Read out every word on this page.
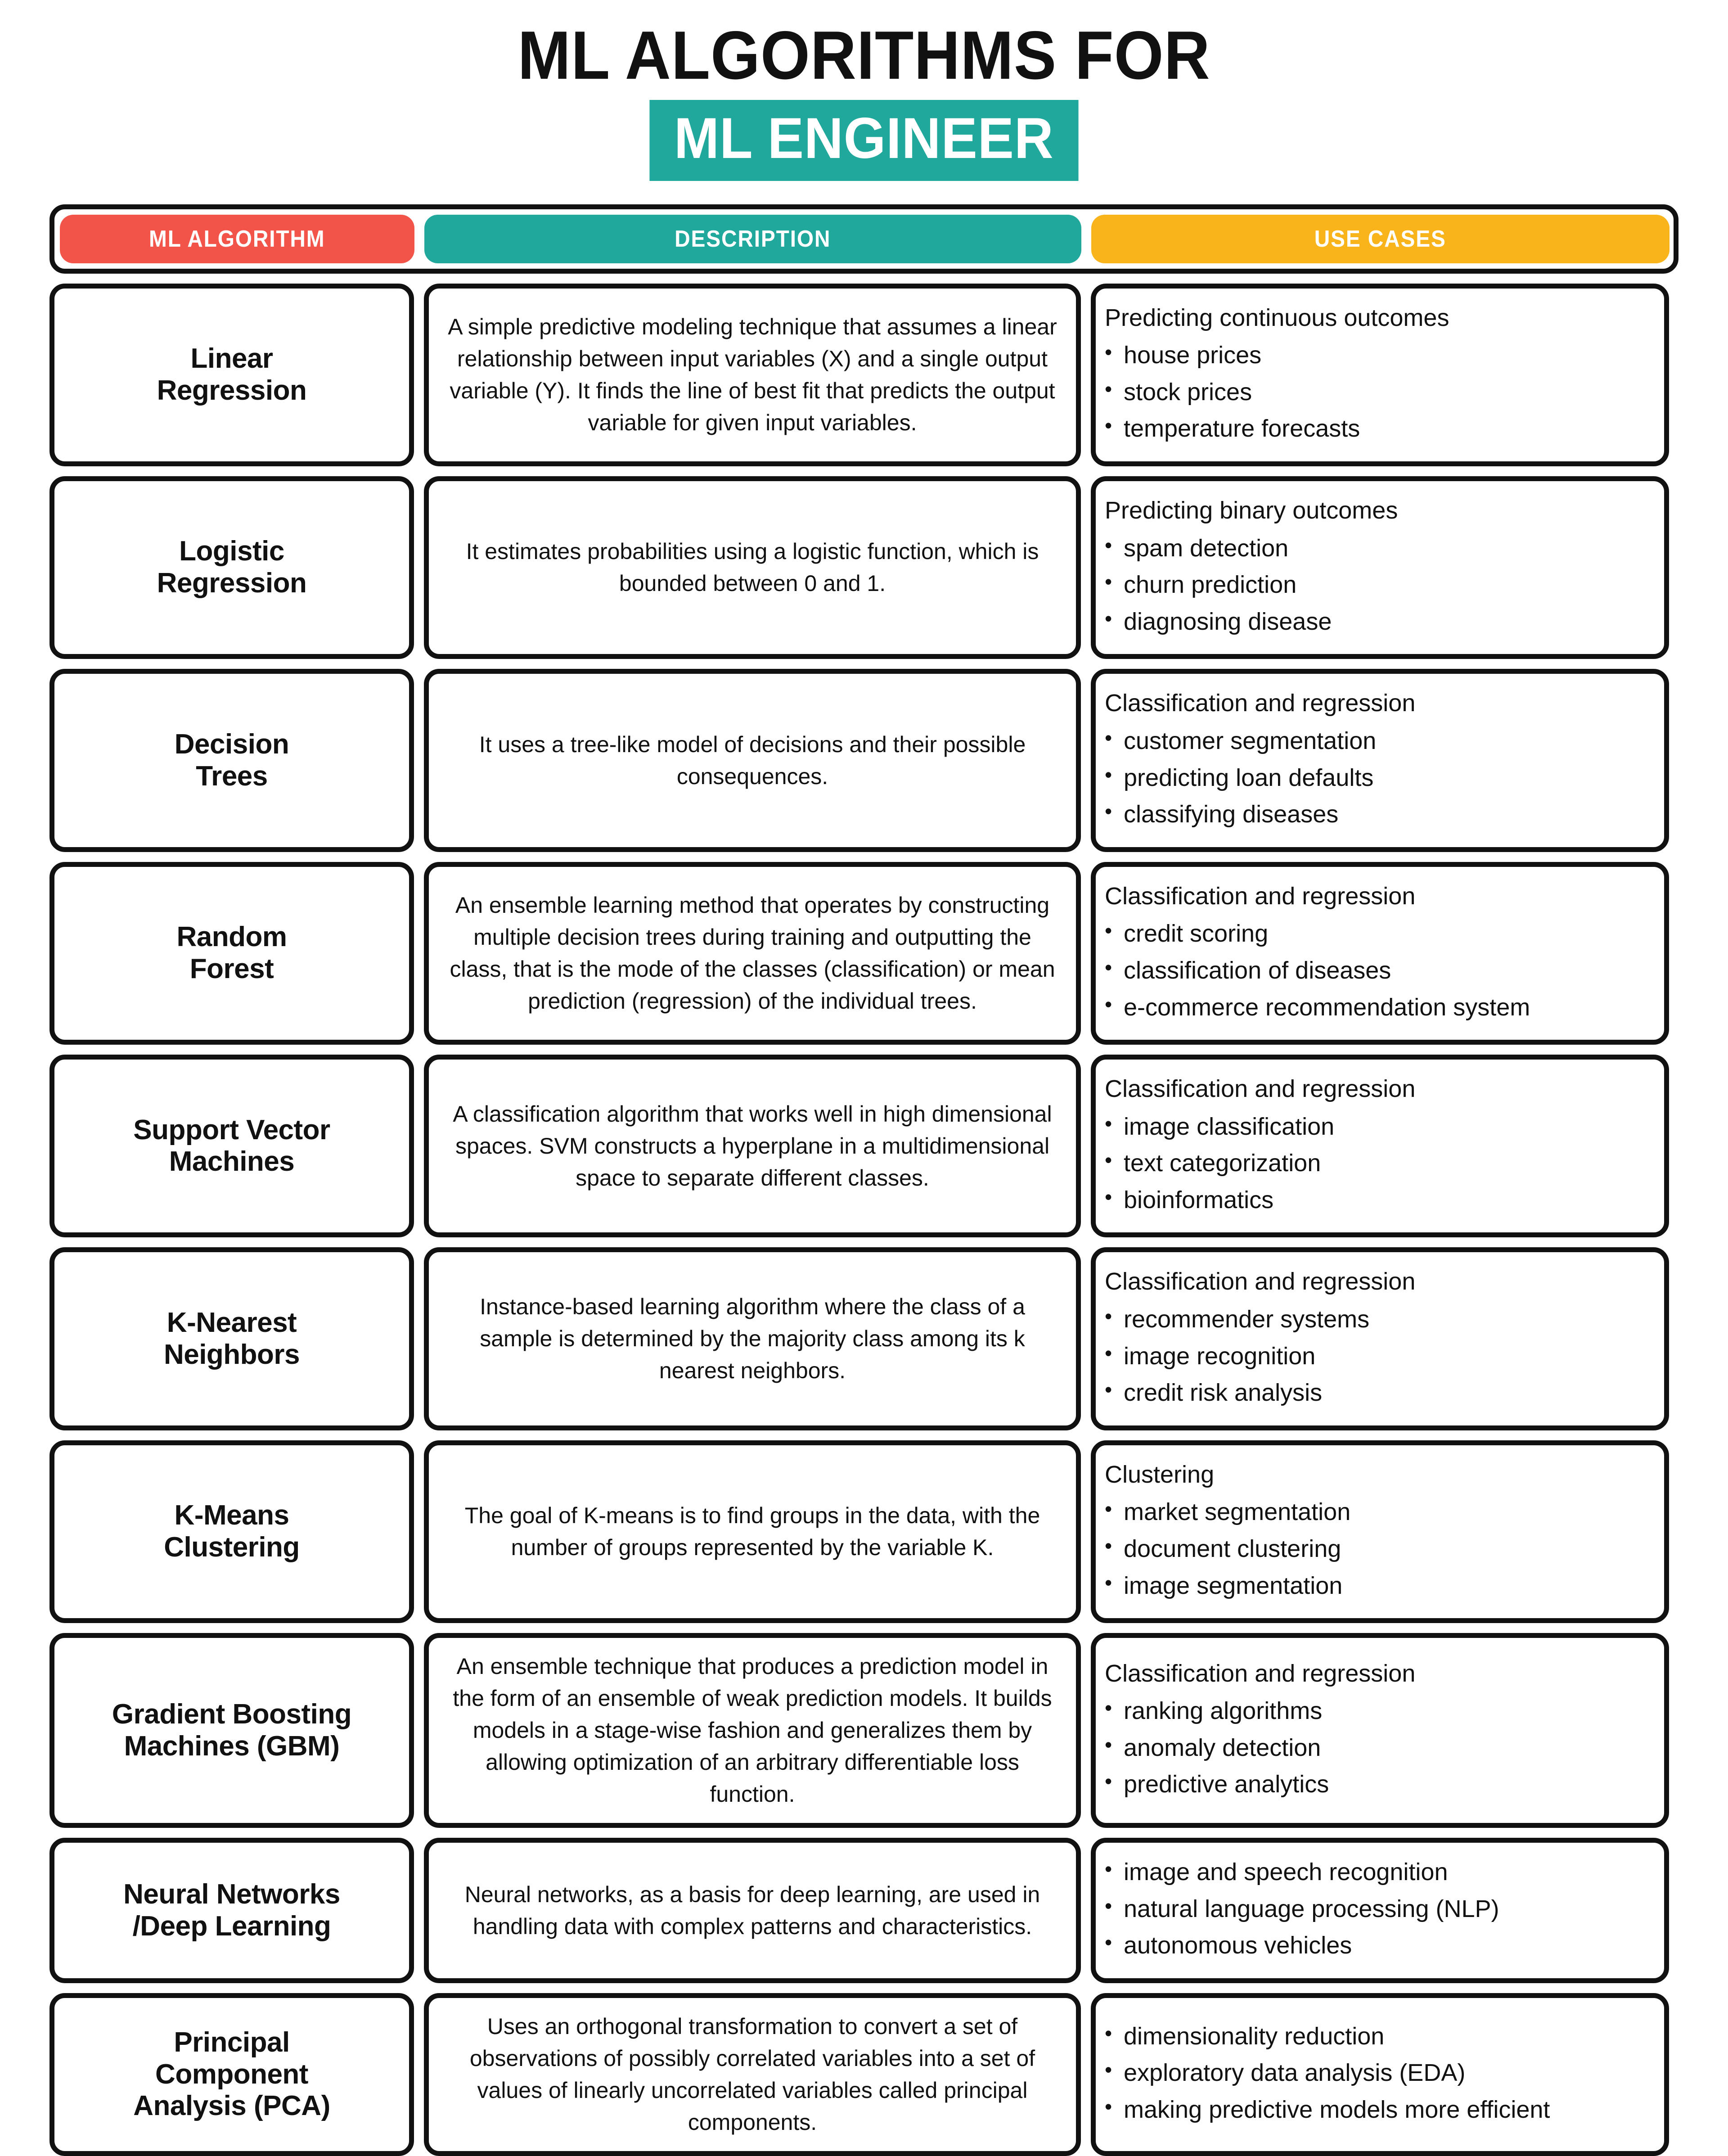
ML ALGORITHMS FOR
ML ENGINEER
ML ALGORITHM	DESCRIPTION	USE CASES
Linear
Regression
A simple predictive modeling technique that assumes a linear relationship between input variables (X) and a single output variable (Y). It finds the line of best fit that predicts the output variable for given input variables.
Predicting continuous outcomes
• house prices
• stock prices
• temperature forecasts
Logistic
Regression
It estimates probabilities using a logistic function, which is bounded between 0 and 1.
Predicting binary outcomes
• spam detection
• churn prediction
• diagnosing disease
Decision
Trees
It uses a tree-like model of decisions and their possible consequences.
Classification and regression
• customer segmentation
• predicting loan defaults
• classifying diseases
Random
Forest
An ensemble learning method that operates by constructing multiple decision trees during training and outputting the class, that is the mode of the classes (classification) or mean prediction (regression) of the individual trees.
Classification and regression
• credit scoring
• classification of diseases
• e-commerce recommendation system
Support Vector
Machines
A classification algorithm that works well in high dimensional spaces. SVM constructs a hyperplane in a multidimensional space to separate different classes.
Classification and regression
• image classification
• text categorization
• bioinformatics
K-Nearest
Neighbors
Instance-based learning algorithm where the class of a sample is determined by the majority class among its k nearest neighbors.
Classification and regression
• recommender systems
• image recognition
• credit risk analysis
K-Means
Clustering
The goal of K-means is to find groups in the data, with the number of groups represented by the variable K.
Clustering
• market segmentation
• document clustering
• image segmentation
Gradient Boosting
Machines (GBM)
An ensemble technique that produces a prediction model in the form of an ensemble of weak prediction models. It builds models in a stage-wise fashion and generalizes them by allowing optimization of an arbitrary differentiable loss function.
Classification and regression
• ranking algorithms
• anomaly detection
• predictive analytics
Neural Networks
/Deep Learning
Neural networks, as a basis for deep learning, are used in handling data with complex patterns and characteristics.
• image and speech recognition
• natural language processing (NLP)
• autonomous vehicles
Principal
Component
Analysis (PCA)
Uses an orthogonal transformation to convert a set of observations of possibly correlated variables into a set of values of linearly uncorrelated variables called principal components.
• dimensionality reduction
• exploratory data analysis (EDA)
• making predictive models more efficient
